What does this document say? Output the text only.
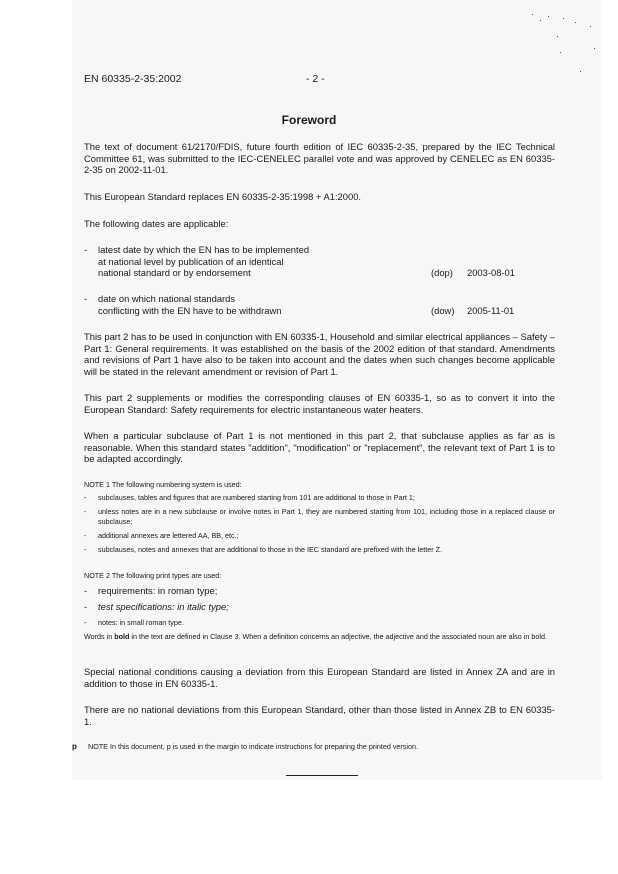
EN 60335-2-35:2002	- 2 -
Foreword
The text of document 61/2170/FDIS, future fourth edition of IEC 60335-2-35, prepared by the IEC Technical Committee 61, was submitted to the IEC-CENELEC parallel vote and was approved by CENELEC as EN 60335-2-35 on 2002-11-01.
This European Standard replaces EN 60335-2-35:1998 + A1:2000.
The following dates are applicable:
- latest date by which the EN has to be implemented
at national level by publication of an identical
national standard or by endorsement	(dop) 2003-08-01
- date on which national standards
conflicting with the EN have to be withdrawn	(dow) 2005-11-01
This part 2 has to be used in conjunction with EN 60335-1, Household and similar electrical appliances – Safety – Part 1: General requirements. It was established on the basis of the 2002 edition of that standard. Amendments and revisions of Part 1 have also to be taken into account and the dates when such changes become applicable will be stated in the relevant amendment or revision of Part 1.
This part 2 supplements or modifies the corresponding clauses of EN 60335-1, so as to convert it into the European Standard: Safety requirements for electric instantaneous water heaters.
When a particular subclause of Part 1 is not mentioned in this part 2, that subclause applies as far as is reasonable. When this standard states "addition", "modification" or "replacement", the relevant text of Part 1 is to be adapted accordingly.
NOTE 1 The following numbering system is used:
- subclauses, tables and figures that are numbered starting from 101 are additional to those in Part 1;
- unless notes are in a new subclause or involve notes in Part 1, they are numbered starting from 101, including those in a replaced clause or subclause;
- additional annexes are lettered AA, BB, etc.;
- subclauses, notes and annexes that are additional to those in the IEC standard are prefixed with the letter Z.
NOTE 2 The following print types are used:
- requirements: in roman type;
- test specifications: in italic type;
- notes: in small roman type.
Words in bold in the text are defined in Clause 3. When a definition concerns an adjective, the adjective and the associated noun are also in bold.
Special national conditions causing a deviation from this European Standard are listed in Annex ZA and are in addition to those in EN 60335-1.
There are no national deviations from this European Standard, other than those listed in Annex ZB to EN 60335-1.
p NOTE In this document, p is used in the margin to indicate instructions for preparing the printed version.
